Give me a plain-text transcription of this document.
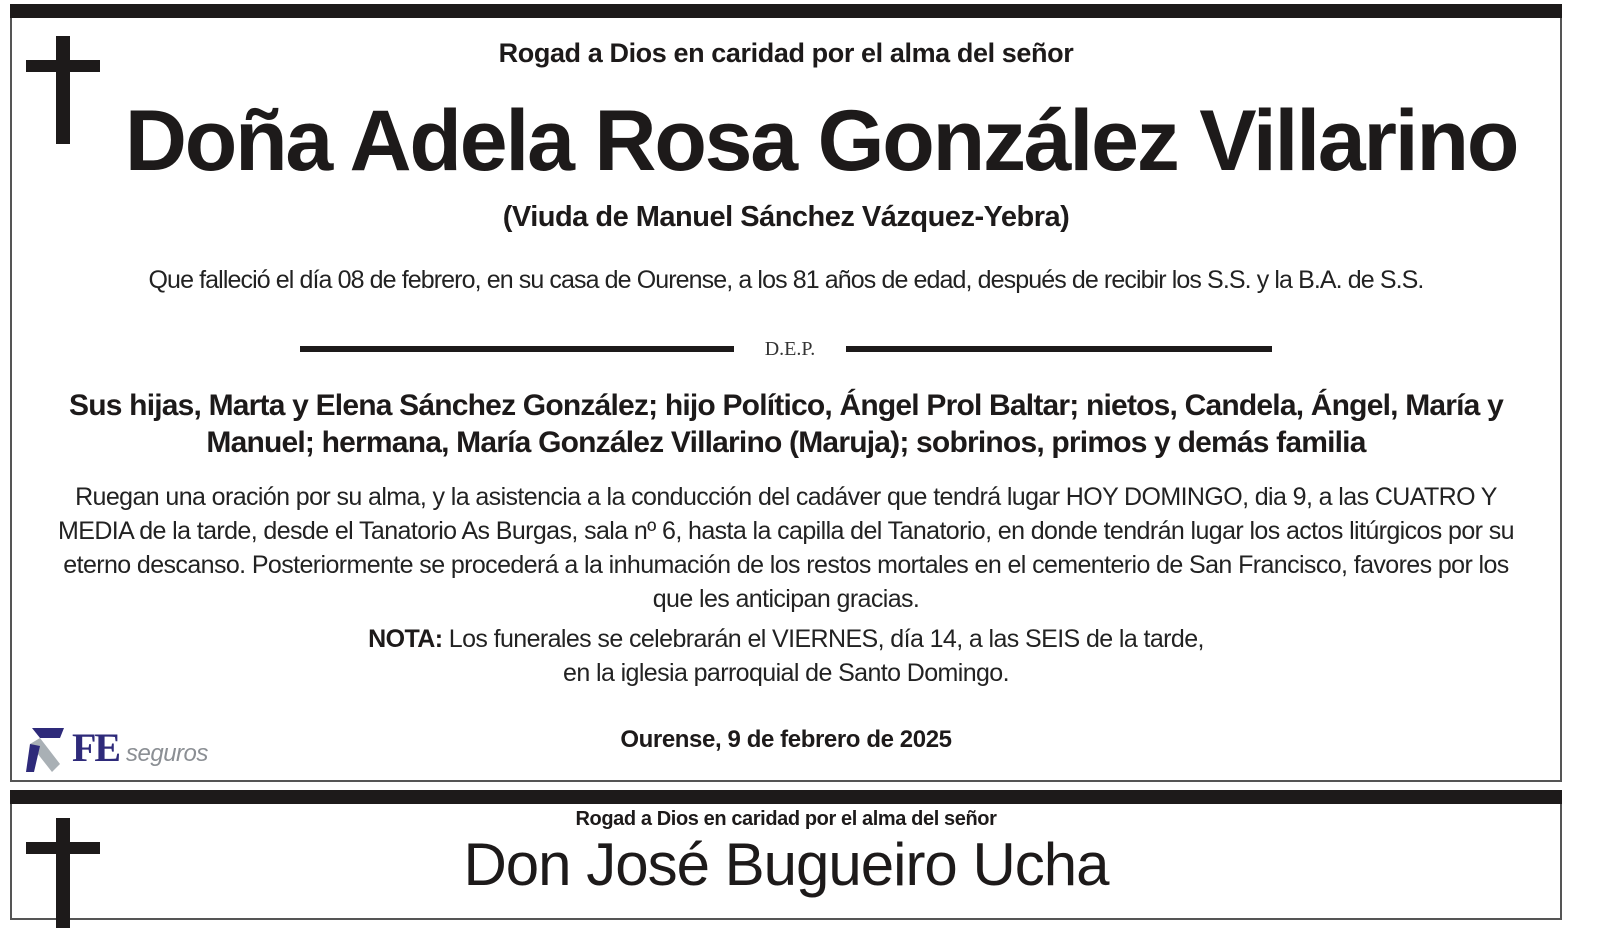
Rogad a Dios en caridad por el alma del señor
Doña Adela Rosa González Villarino
(Viuda de Manuel Sánchez Vázquez-Yebra)
Que falleció el día 08 de febrero, en su casa de Ourense, a los 81 años de edad, después de recibir los S.S. y la B.A. de S.S.
D.E.P.
Sus hijas, Marta y Elena Sánchez González; hijo Político, Ángel Prol Baltar; nietos, Candela, Ángel, María y Manuel; hermana, María González Villarino (Maruja); sobrinos, primos y demás familia
Ruegan una oración por su alma, y la asistencia a la conducción del cadáver que tendrá lugar HOY DOMINGO, dia 9, a las CUATRO Y MEDIA de la tarde, desde el Tanatorio As Burgas, sala nº 6, hasta la capilla del Tanatorio, en donde tendrán lugar los actos litúrgicos por su eterno descanso. Posteriormente se procederá a la inhumación de los restos mortales en el cementerio de San Francisco, favores por los que les anticipan gracias.
NOTA: Los funerales se celebrarán el VIERNES, día 14, a las SEIS de la tarde,
en la iglesia parroquial de Santo Domingo.
Ourense, 9 de febrero de 2025
FE seguros
Rogad a Dios en caridad por el alma del señor
Don José Bugueiro Ucha
